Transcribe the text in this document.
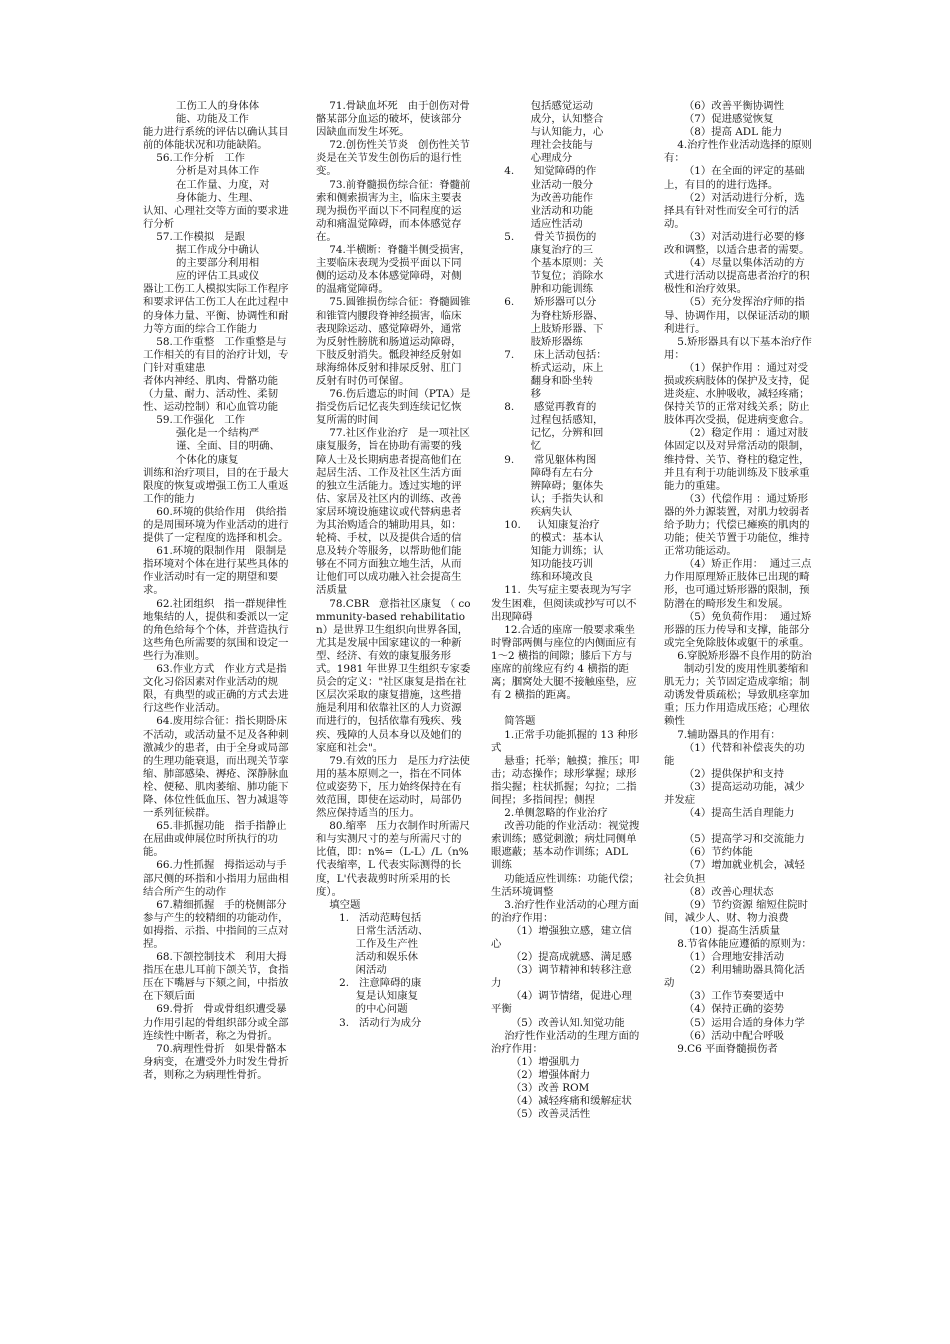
工伤工人的身体体

能、功能及工作

能力进行系统的评估以确认其目前的体能状况和功能缺陷。

56.工作分析   工作

分析是对具体工作

在工作量、力度，对

身体能力、生理、

认知、心理社交等方面的要求进行分析

57.工作模拟   是跟

据工作成分中确认

的主要部分利用相

应的评估工具或仪

器让工伤工人模拟实际工作程序和要求评估工伤工人在此过程中的身体力量、平衡、协调性和耐力等方面的综合工作能力

58.工作重整   工作重整是与工作相关的有目的治疗计划，专门针对重建患

者体内神经、肌肉、骨骼功能（力量、耐力、活动性、柔韧性、运动控制）和心血管功能

59.工作强化   工作

强化是一个结构严

谨、全面、目的明确、

个体化的康复

训练和治疗项目，目的在于最大限度的恢复或增强工伤工人重返工作的能力

60.环境的供给作用   供给指的是周围环境为作业活动的进行提供了一定程度的选择和机会。

61.环境的限制作用   限制是指环境对个体在进行某些具体的作业活动时有一定的期望和要求。

62.社团组织   指一群规律性地集结的人，提供和委派以一定的角色给每个个体，并营造执行这些角色所需要的氛围和设定一些行为准则。

63.作业方式   作业方式是指文化习俗因素对作业活动的规限，有典型的或正确的方式去进行这些作业活动。

64.废用综合征：指长期卧床不活动，或活动量不足及各种刺激减少的患者，由于全身或局部的生理功能衰退，而出现关节挛缩、肺部感染、褥疮、深静脉血栓、便秘、肌肉萎缩、肺功能下降、体位性低血压、智力减退等一系列征候群。

65.非抓握功能   指手指静止在屈曲或伸展位时所执行的功能。

66.力性抓握   拇指运动与手部尺侧的环指和小指用力屈曲相结合所产生的动作

67.精细抓握   手的桡侧部分参与产生的较精细的功能动作，如拇指、示指、中指间的三点对捏。

68.下颌控制技术   利用大拇指压在患儿耳前下颌关节，食指压在下嘴唇与下颏之间，中指放在下颏后面

69.骨折   骨或骨组织遭受暴力作用引起的骨组织部分或全部连续性中断者，称之为骨折。

70.病理性骨折   如果骨骼本身病变，在遭受外力时发生骨折者，则称之为病理性骨折。

71.骨缺血坏死   由于创伤对骨骼某部分血运的破坏，使该部分因缺血而发生坏死。

72.创伤性关节炎   创伤性关节炎是在关节发生创伤后的退行性变。

73.前脊髓损伤综合征：脊髓前索和侧索损害为主，临床主要表现为损伤平面以下不同程度的运动和痛温觉障碍，而本体感觉存在。

74.半横断：脊髓半侧受损害，主要临床表现为受损平面以下同侧的运动及本体感觉障碍，对侧的温痛觉障碍。

75.圆锥损伤综合征：脊髓圆锥和锥管内腰段脊神经损害，临床表现除运动、感觉障碍外，通常为反射性膀胱和肠道运动障碍，下肢反射消失。骶段神经反射如球海绵体反射和排尿反射、肛门反射有时仍可保留。

76.伤后遗忘的时间（PTA）是指受伤后记忆丧失到连续记忆恢复所需的时间

77.社区作业治疗   是一项社区康复服务，旨在协助有需要的残障人士及长期病患者提高他们在起居生活、工作及社区生活方面的独立生活能力。透过实地的评估、家居及社区内的训练、改善家居环境设施建议或代替病患者为其治购适合的辅助用具，如：轮椅、手杖，以及提供合适的信息及转介等服务，以帮助他们能够在不同方面独立地生活，从而让他们可以成功融入社会提高生活质量

78.CBR   意指社区康复 （ community-based rehabilitation）是世界卫生组织向世界各国，尤其是发展中国家建议的一种新型、经济、有效的康复服务形式。1981 年世界卫生组织专家委员会的定义："社区康复是指在社区层次采取的康复措施，这些措施是利用和依靠社区的人力资源而进行的，包括依靠有残疾、残疾、残障的人员本身以及她们的家庭和社会"。

79.有效的压力   是压力疗法使用的基本原则之一，指在不同体位或姿势下，压力始终保持在有效范围，即使在运动时，局部仍然应保持适当的压力。

80.缩率   压力衣制作时所需尺和与实测尺寸的差与所需尺寸的比值，即：n%=（L-L）/L（n%代表缩率，L 代表实际测得的长度，L'代表裁剪时所采用的长度）。

填空题

1.   活动范畴包括

日常生活活动、

工作及生产性

活动和娱乐休

闲活动

2.   注意障碍的康

复是认知康复

的中心问题

3.   活动行为成分

包括感觉运动

成分，认知整合

与认知能力，心

理社会技能与

心理成分

4.      知觉障碍的作

业活动一般分

为改善功能作

业活动和功能

适应性活动

5.      骨关节损伤的

康复治疗的三

个基本原则：关

节复位；消除水

肿和功能训练

6.      矫形器可以分

为脊柱矫形器、

上肢矫形器、下

肢矫形器练

7.      床上活动包括：

桥式运动，床上

翻身和卧坐转

移

8.      感觉再教育的

过程包括感知，

记忆，分辨和回

忆

9.      常见躯体构图

障碍有左右分

辨障碍；躯体失

认；手指失认和

疾病失认

10.     认知康复治疗

的模式：基本认

知能力训练；认

知功能技巧训

练和环境改良

11.  失写症主要表现为写字发生困难，但阅读或抄写可以不出现障碍

12.合适的座席一般要求乘坐时臀部两侧与座位的内侧面应有 1～2 横指的间隙；膝后下方与座席的前缘应有约 4 横指的距离；腘窝处大腿不接触座垫，应有 2 横指的距离。

简答题

1.正常手功能抓握的 13 种形式

悬垂；托举；触摸；推压；叩击；动态操作；球形掌握；球形指尖握；柱状抓握；勾拉；二指间捏；多指间捏；侧捏

2.单侧忽略的作业治疗

改善功能的作业活动：视觉搜索训练；感觉刺激；病灶同侧单眼遮蔽；基本动作训练；ADL 训练

功能适应性训练：功能代偿；生活环境调整

3.治疗性作业活动的心理方面的治疗作用：

（1）增强独立感，建立信心

（2）提高成就感、满足感

（3）调节精神和转移注意力

（4）调节情绪，促进心理平衡

（5）改善认知.知觉功能

治疗性作业活动的生理方面的治疗作用：

（1）增强肌力

（2）增强体耐力

（3）改善 ROM

（4）减轻疼痛和缓解症状

（5）改善灵活性

（6）改善平衡协调性

（7）促进感觉恢复

（8）提高 ADL 能力

4.治疗性作业活动选择的原则有：

（1）在全面的评定的基础上，有目的的进行选择。

（2）对活动进行分析，选择具有针对性而安全可行的活动。

（3）对活动进行必要的修改和调整，以适合患者的需要。

（4）尽量以集体活动的方式进行活动以提高患者治疗的积极性和治疗效果。

（5）充分发挥治疗师的指导、协调作用，以保证活动的顺利进行。

5.矫形器具有以下基本治疗作用：

（1）保护作用 ：通过对受损或疾病肢体的保护及支持，促进炎症、水肿吸收，减轻疼痛；保持关节的正常对线关系；防止肢体再次受损，促进病变愈合。

（2）稳定作用 ：通过对肢体固定以及对异常活动的限制，维持骨、关节、脊柱的稳定性，并且有利于功能训练及下肢承重能力的重建。

（3）代偿作用 ：通过矫形器的外力源装置，对肌力较弱者给予助力；代偿已瘫痪的肌肉的功能；使关节置于功能位，维持正常功能运动。

（4）矫正作用：  通过三点力作用原理矫正肢体已出现的畸形，也可通过矫形器的限制，预防潜在的畸形发生和发展。

（5）免负荷作用：  通过矫形器的压力传导和支撑，能部分或完全免除肢体或躯干的承重。

6.穿脱矫形器不良作用的防治

制动引发的废用性肌萎缩和肌无力；关节固定造成挛缩；制动诱发骨质疏松；导致肌痉挛加重；压力作用造成压疮；心理依赖性

7.辅助器具的作用有：

（1）代替和补偿丧失的功能

（2）提供保护和支持

（3）提高运动功能，减少并发症

（4）提高生活自理能力

（5）提高学习和交流能力

（6）节约体能

（7）增加就业机会，减轻社会负担

（8）改善心理状态

（9）节约资源 缩短住院时间，减少人、财、物力浪费

（10）提高生活质量

8.节省体能应遵循的原则为：

（1）合理地安排活动

（2）利用辅助器具简化活动

（3）工作节奏要适中

（4）保持正确的姿势

（5）运用合适的身体力学

（6）活动中配合呼吸

9.C6 平面脊髓损伤者
